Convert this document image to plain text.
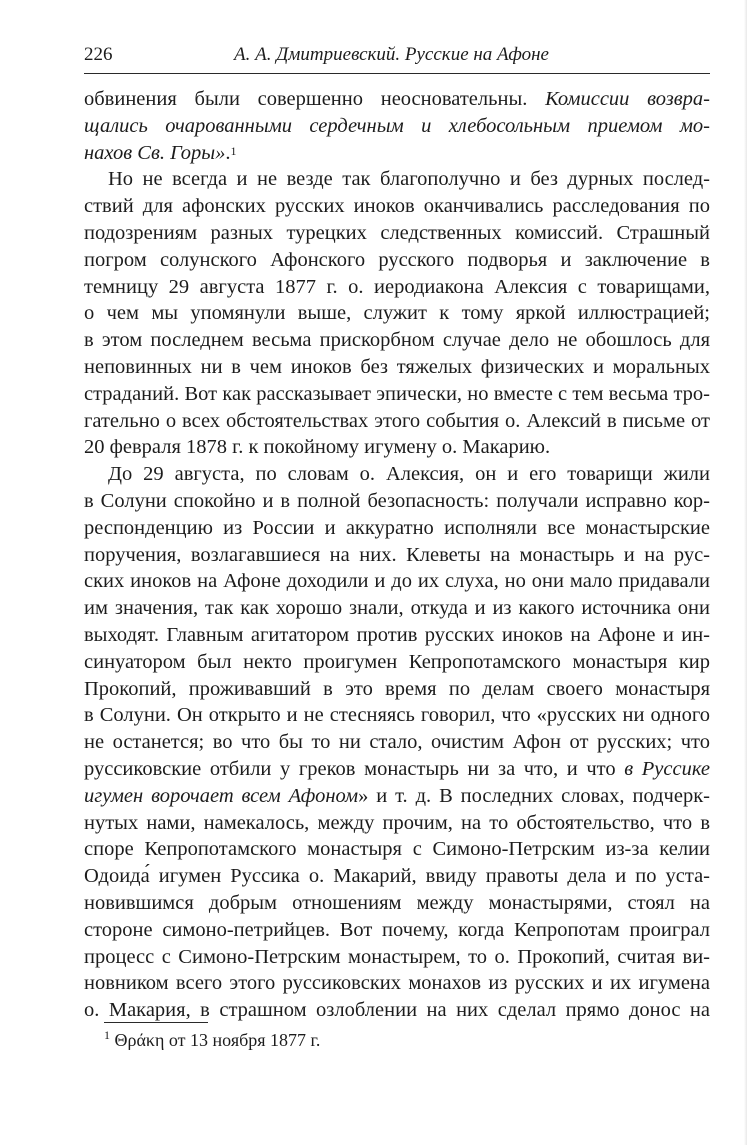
226	А. А. Дмитриевский. Русские на Афоне
обвинения были совершенно неосновательны. Комиссии возвра-
щались очарованными сердечным и хлебосольным приемом мо-
нахов Св. Горы».$^1$
Но не всегда и не везде так благополучно и без дурных послед-
ствий для афонских русских иноков оканчивались расследования по
подозрениям разных турецких следственных комиссий. Страшный
погром солунского Афонского русского подворья и заключение в
темницу 29 августа 1877 г. о. иеродиакона Алексия с товарищами,
о чем мы упомянули выше, служит к тому яркой иллюстрацией;
в этом последнем весьма прискорбном случае дело не обошлось для
неповинных ни в чем иноков без тяжелых физических и моральных
страданий. Вот как рассказывает эпически, но вместе с тем весьма тро-
гательно о всех обстоятельствах этого события о. Алексий в письме от
20 февраля 1878 г. к покойному игумену о. Макарию.
До 29 августа, по словам о. Алексия, он и его товарищи жили
в Солуни спокойно и в полной безопасность: получали исправно кор-
респонденцию из России и аккуратно исполняли все монастырские
поручения, возлагавшиеся на них. Клеветы на монастырь и на рус-
ских иноков на Афоне доходили и до их слуха, но они мало придавали
им значения, так как хорошо знали, откуда и из какого источника они
выходят. Главным агитатором против русских иноков на Афоне и ин-
синуатором был некто проигумен Кепропотамского монастыря кир
Прокопий, проживавший в это время по делам своего монастыря
в Солуни. Он открыто и не стесняясь говорил, что «русских ни одного
не останется; во что бы то ни стало, очистим Афон от русских; что
руссиковские отбили у греков монастырь ни за что, и что в Руссике
игумен ворочает всем Афоном» и т. д. В последних словах, подчерк-
нутых нами, намекалось, между прочим, на то обстоятельство, что в
споре Кепропотамского монастыря с Симоно-Петрским из-за келии
Одоида́ игумен Руссика о. Макарий, ввиду правоты дела и по уста-
новившимся добрым отношениям между монастырями, стоял на
стороне симоно-петрийцев. Вот почему, когда Кепропотам проиграл
процесс с Симоно-Петрским монастырем, то о. Прокопий, считая ви-
новником всего этого руссиковских монахов из русских и их игумена
о. Макария, в страшном озлоблении на них сделал прямо донос на
$^1$ Θράκη от 13 ноября 1877 г.
